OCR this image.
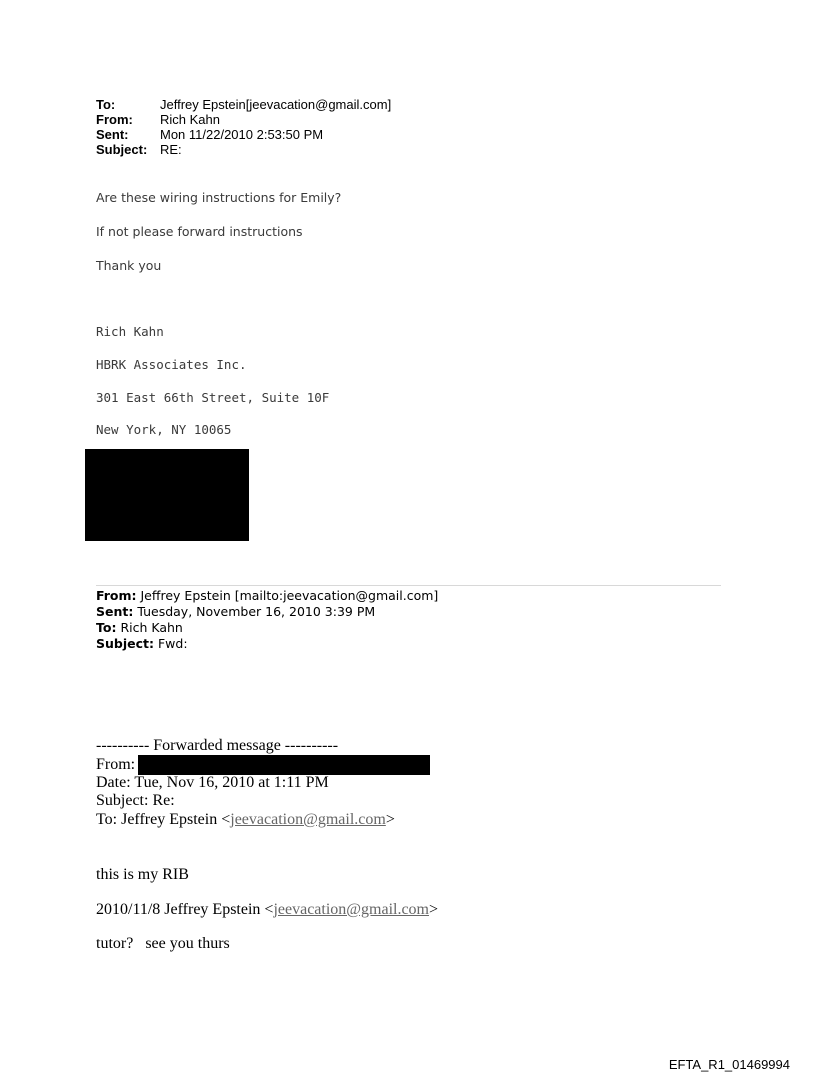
To:	Jeffrey Epstein[jeevacation@gmail.com]
From:	Rich Kahn
Sent:	Mon 11/22/2010 2:53:50 PM
Subject: RE:
Are these wiring instructions for Emily?
If not please forward instructions
Thank you
Rich Kahn
HBRK Associates Inc.
301 East 66th Street, Suite 10F
New York, NY 10065
From: Jeffrey Epstein [mailto:jeevacation@gmail.com]
Sent: Tuesday, November 16, 2010 3:39 PM
To: Rich Kahn
Subject: Fwd:
---------- Forwarded message ----------
From:
Date: Tue, Nov 16, 2010 at 1:11 PM
Subject: Re:
To: Jeffrey Epstein <jeevacation@gmail.com>
this is my RIB
2010/11/8 Jeffrey Epstein <jeevacation@gmail.com>
tutor?   see you thurs
EFTA_R1_01469994
